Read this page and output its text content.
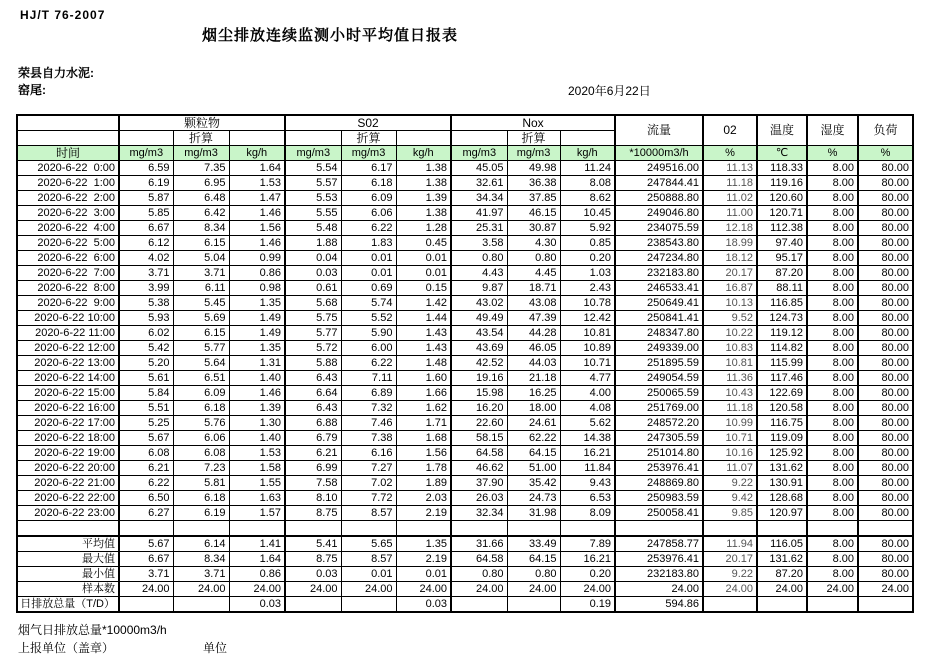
HJ/T 76-2007
烟尘排放连续监测小时平均值日报表
荣县自力水泥:
窑尾:	2020年6月22日
	颗粒物			S02			Nox			流量	02	温度	湿度	负荷
		折算			折算			折算						
时间	mg/m3	mg/m3	kg/h	mg/m3	mg/m3	kg/h	mg/m3	mg/m3	kg/h	*10000m3/h	%	℃	%	%
2020-6-22  0:00	6.59	7.35	1.64	5.54	6.17	1.38	45.05	49.98	11.24	249516.00	11.13	118.33	8.00	80.00
2020-6-22  1:00	6.19	6.95	1.53	5.57	6.18	1.38	32.61	36.38	8.08	247844.41	11.18	119.16	8.00	80.00
2020-6-22  2:00	5.87	6.48	1.47	5.53	6.09	1.39	34.34	37.85	8.62	250888.80	11.02	120.60	8.00	80.00
2020-6-22  3:00	5.85	6.42	1.46	5.55	6.06	1.38	41.97	46.15	10.45	249046.80	11.00	120.71	8.00	80.00
2020-6-22  4:00	6.67	8.34	1.56	5.48	6.22	1.28	25.31	30.87	5.92	234075.59	12.18	112.38	8.00	80.00
2020-6-22  5:00	6.12	6.15	1.46	1.88	1.83	0.45	3.58	4.30	0.85	238543.80	18.99	97.40	8.00	80.00
2020-6-22  6:00	4.02	5.04	0.99	0.04	0.01	0.01	0.80	0.80	0.20	247234.80	18.12	95.17	8.00	80.00
2020-6-22  7:00	3.71	3.71	0.86	0.03	0.01	0.01	4.43	4.45	1.03	232183.80	20.17	87.20	8.00	80.00
2020-6-22  8:00	3.99	6.11	0.98	0.61	0.69	0.15	9.87	18.71	2.43	246533.41	16.87	88.11	8.00	80.00
2020-6-22  9:00	5.38	5.45	1.35	5.68	5.74	1.42	43.02	43.08	10.78	250649.41	10.13	116.85	8.00	80.00
2020-6-22 10:00	5.93	5.69	1.49	5.75	5.52	1.44	49.49	47.39	12.42	250841.41	9.52	124.73	8.00	80.00
2020-6-22 11:00	6.02	6.15	1.49	5.77	5.90	1.43	43.54	44.28	10.81	248347.80	10.22	119.12	8.00	80.00
2020-6-22 12:00	5.42	5.77	1.35	5.72	6.00	1.43	43.69	46.05	10.89	249339.00	10.83	114.82	8.00	80.00
2020-6-22 13:00	5.20	5.64	1.31	5.88	6.22	1.48	42.52	44.03	10.71	251895.59	10.81	115.99	8.00	80.00
2020-6-22 14:00	5.61	6.51	1.40	6.43	7.11	1.60	19.16	21.18	4.77	249054.59	11.36	117.46	8.00	80.00
2020-6-22 15:00	5.84	6.09	1.46	6.64	6.89	1.66	15.98	16.25	4.00	250065.59	10.43	122.69	8.00	80.00
2020-6-22 16:00	5.51	6.18	1.39	6.43	7.32	1.62	16.20	18.00	4.08	251769.00	11.18	120.58	8.00	80.00
2020-6-22 17:00	5.25	5.76	1.30	6.88	7.46	1.71	22.60	24.61	5.62	248572.20	10.99	116.75	8.00	80.00
2020-6-22 18:00	5.67	6.06	1.40	6.79	7.38	1.68	58.15	62.22	14.38	247305.59	10.71	119.09	8.00	80.00
2020-6-22 19:00	6.08	6.08	1.53	6.21	6.16	1.56	64.58	64.15	16.21	251014.80	10.16	125.92	8.00	80.00
2020-6-22 20:00	6.21	7.23	1.58	6.99	7.27	1.78	46.62	51.00	11.84	253976.41	11.07	131.62	8.00	80.00
2020-6-22 21:00	6.22	5.81	1.55	7.58	7.02	1.89	37.90	35.42	9.43	248869.80	9.22	130.91	8.00	80.00
2020-6-22 22:00	6.50	6.18	1.63	8.10	7.72	2.03	26.03	24.73	6.53	250983.59	9.42	128.68	8.00	80.00
2020-6-22 23:00	6.27	6.19	1.57	8.75	8.57	2.19	32.34	31.98	8.09	250058.41	9.85	120.97	8.00	80.00

平均值	5.67	6.14	1.41	5.41	5.65	1.35	31.66	33.49	7.89	247858.77	11.94	116.05	8.00	80.00
最大值	6.67	8.34	1.64	8.75	8.57	2.19	64.58	64.15	16.21	253976.41	20.17	131.62	8.00	80.00
最小值	3.71	3.71	0.86	0.03	0.01	0.01	0.80	0.80	0.20	232183.80	9.22	87.20	8.00	80.00
样本数	24.00	24.00	24.00	24.00	24.00	24.00	24.00	24.00	24.00	24.00	24.00	24.00	24.00	24.00
日排放总量（T/D）			0.03			0.03			0.19	594.86				
烟气日排放总量*10000m3/h
上报单位（盖章）	单位
